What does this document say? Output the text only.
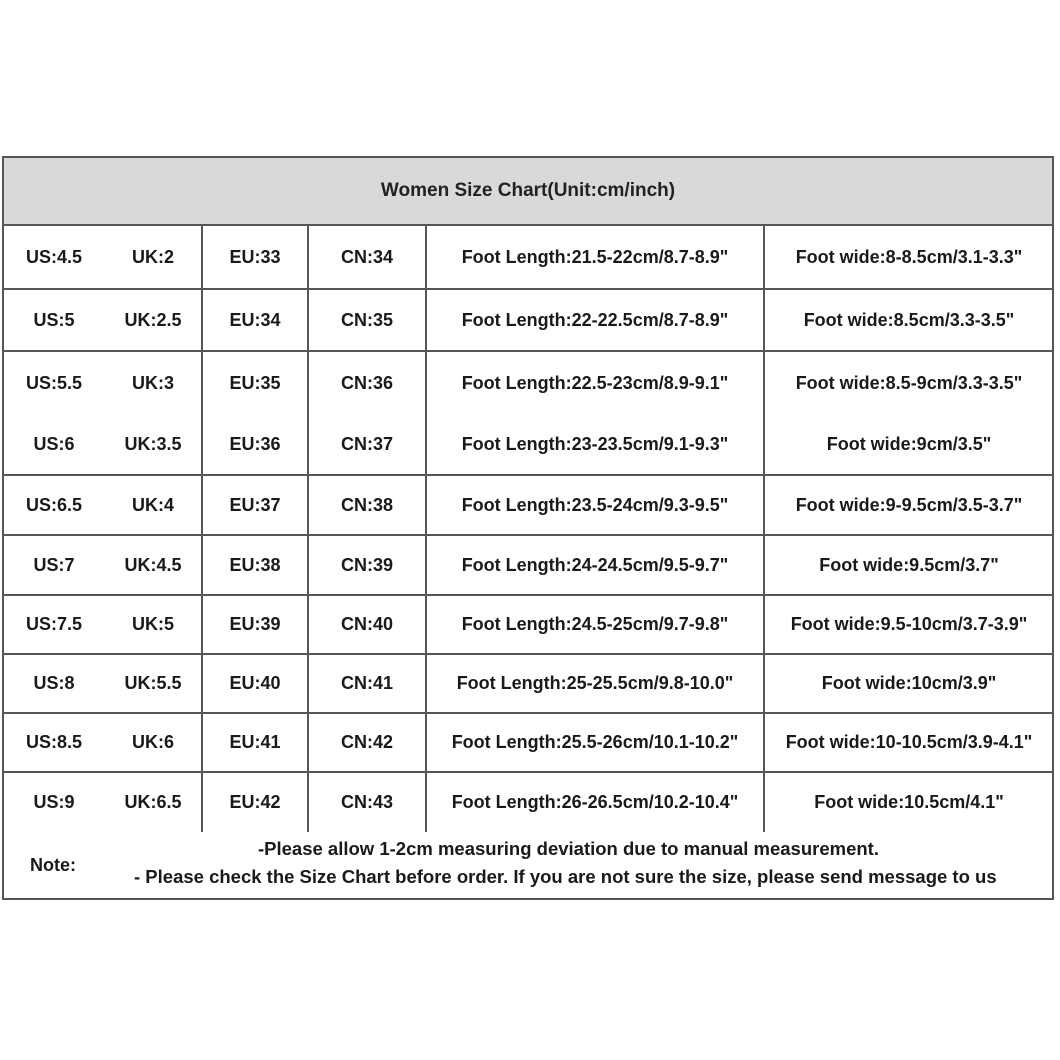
Women Size Chart(Unit:cm/inch)
US:4.5	UK:2	EU:33	CN:34	Foot Length:21.5-22cm/8.7-8.9"	Foot wide:8-8.5cm/3.1-3.3"
US:5	UK:2.5	EU:34	CN:35	Foot Length:22-22.5cm/8.7-8.9"	Foot wide:8.5cm/3.3-3.5"
US:5.5	UK:3	EU:35	CN:36	Foot Length:22.5-23cm/8.9-9.1"	Foot wide:8.5-9cm/3.3-3.5"
US:6	UK:3.5	EU:36	CN:37	Foot Length:23-23.5cm/9.1-9.3"	Foot wide:9cm/3.5"
US:6.5	UK:4	EU:37	CN:38	Foot Length:23.5-24cm/9.3-9.5"	Foot wide:9-9.5cm/3.5-3.7"
US:7	UK:4.5	EU:38	CN:39	Foot Length:24-24.5cm/9.5-9.7"	Foot wide:9.5cm/3.7"
US:7.5	UK:5	EU:39	CN:40	Foot Length:24.5-25cm/9.7-9.8"	Foot wide:9.5-10cm/3.7-3.9"
US:8	UK:5.5	EU:40	CN:41	Foot Length:25-25.5cm/9.8-10.0"	Foot wide:10cm/3.9"
US:8.5	UK:6	EU:41	CN:42	Foot Length:25.5-26cm/10.1-10.2"	Foot wide:10-10.5cm/3.9-4.1"
US:9	UK:6.5	EU:42	CN:43	Foot Length:26-26.5cm/10.2-10.4"	Foot wide:10.5cm/4.1"
Note:
-Please allow 1-2cm measuring deviation due to manual measurement.
- Please check the Size Chart before order. If you are not sure the size, please send message to us
